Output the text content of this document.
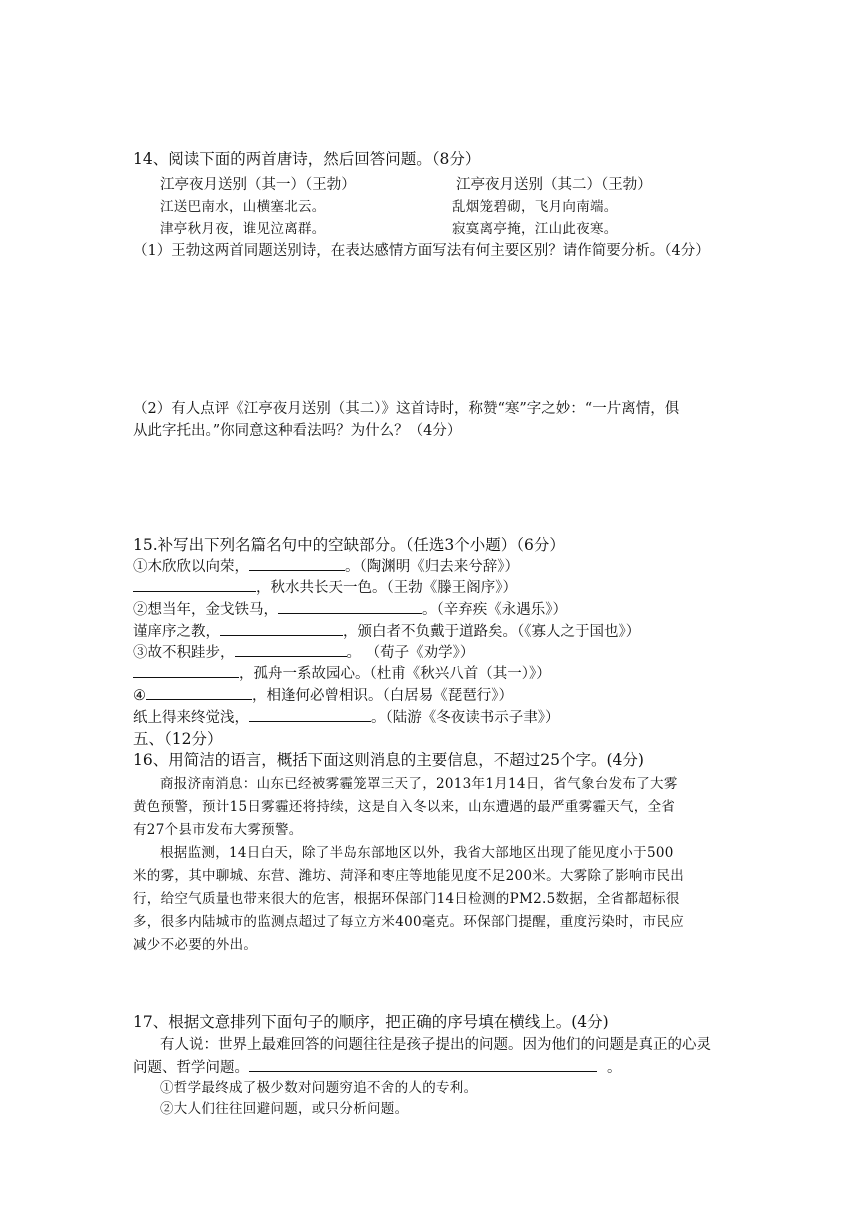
14、阅读下面的两首唐诗，然后回答问题。（8分）
江亭夜月送别（其一）（王勃）	江亭夜月送别（其二）（王勃）
江送巴南水，山横塞北云。	乱烟笼碧砌，飞月向南端。
津亭秋月夜，谁见泣离群。	寂寞离亭掩，江山此夜寒。
（1）王勃这两首同题送别诗，在表达感情方面写法有何主要区别？请作简要分析。（4分）
（2）有人点评《江亭夜月送别（其二）》这首诗时，称赞“寒”字之妙：“一片离情，俱
从此字托出。”你同意这种看法吗？为什么？（4分）
15.补写出下列名篇名句中的空缺部分。（任选3个小题）（6分）
①木欣欣以向荣，	。（陶渊明《归去来兮辞》）
，秋水共长天一色。（王勃《滕王阁序》）
②想当年，金戈铁马，	。（辛弃疾《永遇乐》）
谨庠序之教，	，颁白者不负戴于道路矣。（《寡人之于国也》）
③故不积跬步，	。 （荀子《劝学》）
，孤舟一系故园心。（杜甫《秋兴八首（其一）》）
④	，相逢何必曾相识。（白居易《琵琶行》）
纸上得来终觉浅，	。（陆游《冬夜读书示子聿》）
五、（12分）
16、用简洁的语言，概括下面这则消息的主要信息，不超过25个字。(4分)
商报济南消息：山东已经被雾霾笼罩三天了，2013年1月14日，省气象台发布了大雾
黄色预警，预计15日雾霾还将持续，这是自入冬以来，山东遭遇的最严重雾霾天气，全省
有27个县市发布大雾预警。
根据监测，14日白天，除了半岛东部地区以外，我省大部地区出现了能见度小于500
米的雾，其中聊城、东营、潍坊、菏泽和枣庄等地能见度不足200米。大雾除了影响市民出
行，给空气质量也带来很大的危害，根据环保部门14日检测的PM2.5数据，全省都超标很
多，很多内陆城市的监测点超过了每立方米400毫克。环保部门提醒，重度污染时，市民应
减少不必要的外出。
17、根据文意排列下面句子的顺序，把正确的序号填在横线上。(4分)
有人说：世界上最难回答的问题往往是孩子提出的问题。因为他们的问题是真正的心灵
问题、哲学问题。	。
①哲学最终成了极少数对问题穷追不舍的人的专利。
②大人们往往回避问题，或只分析问题。
